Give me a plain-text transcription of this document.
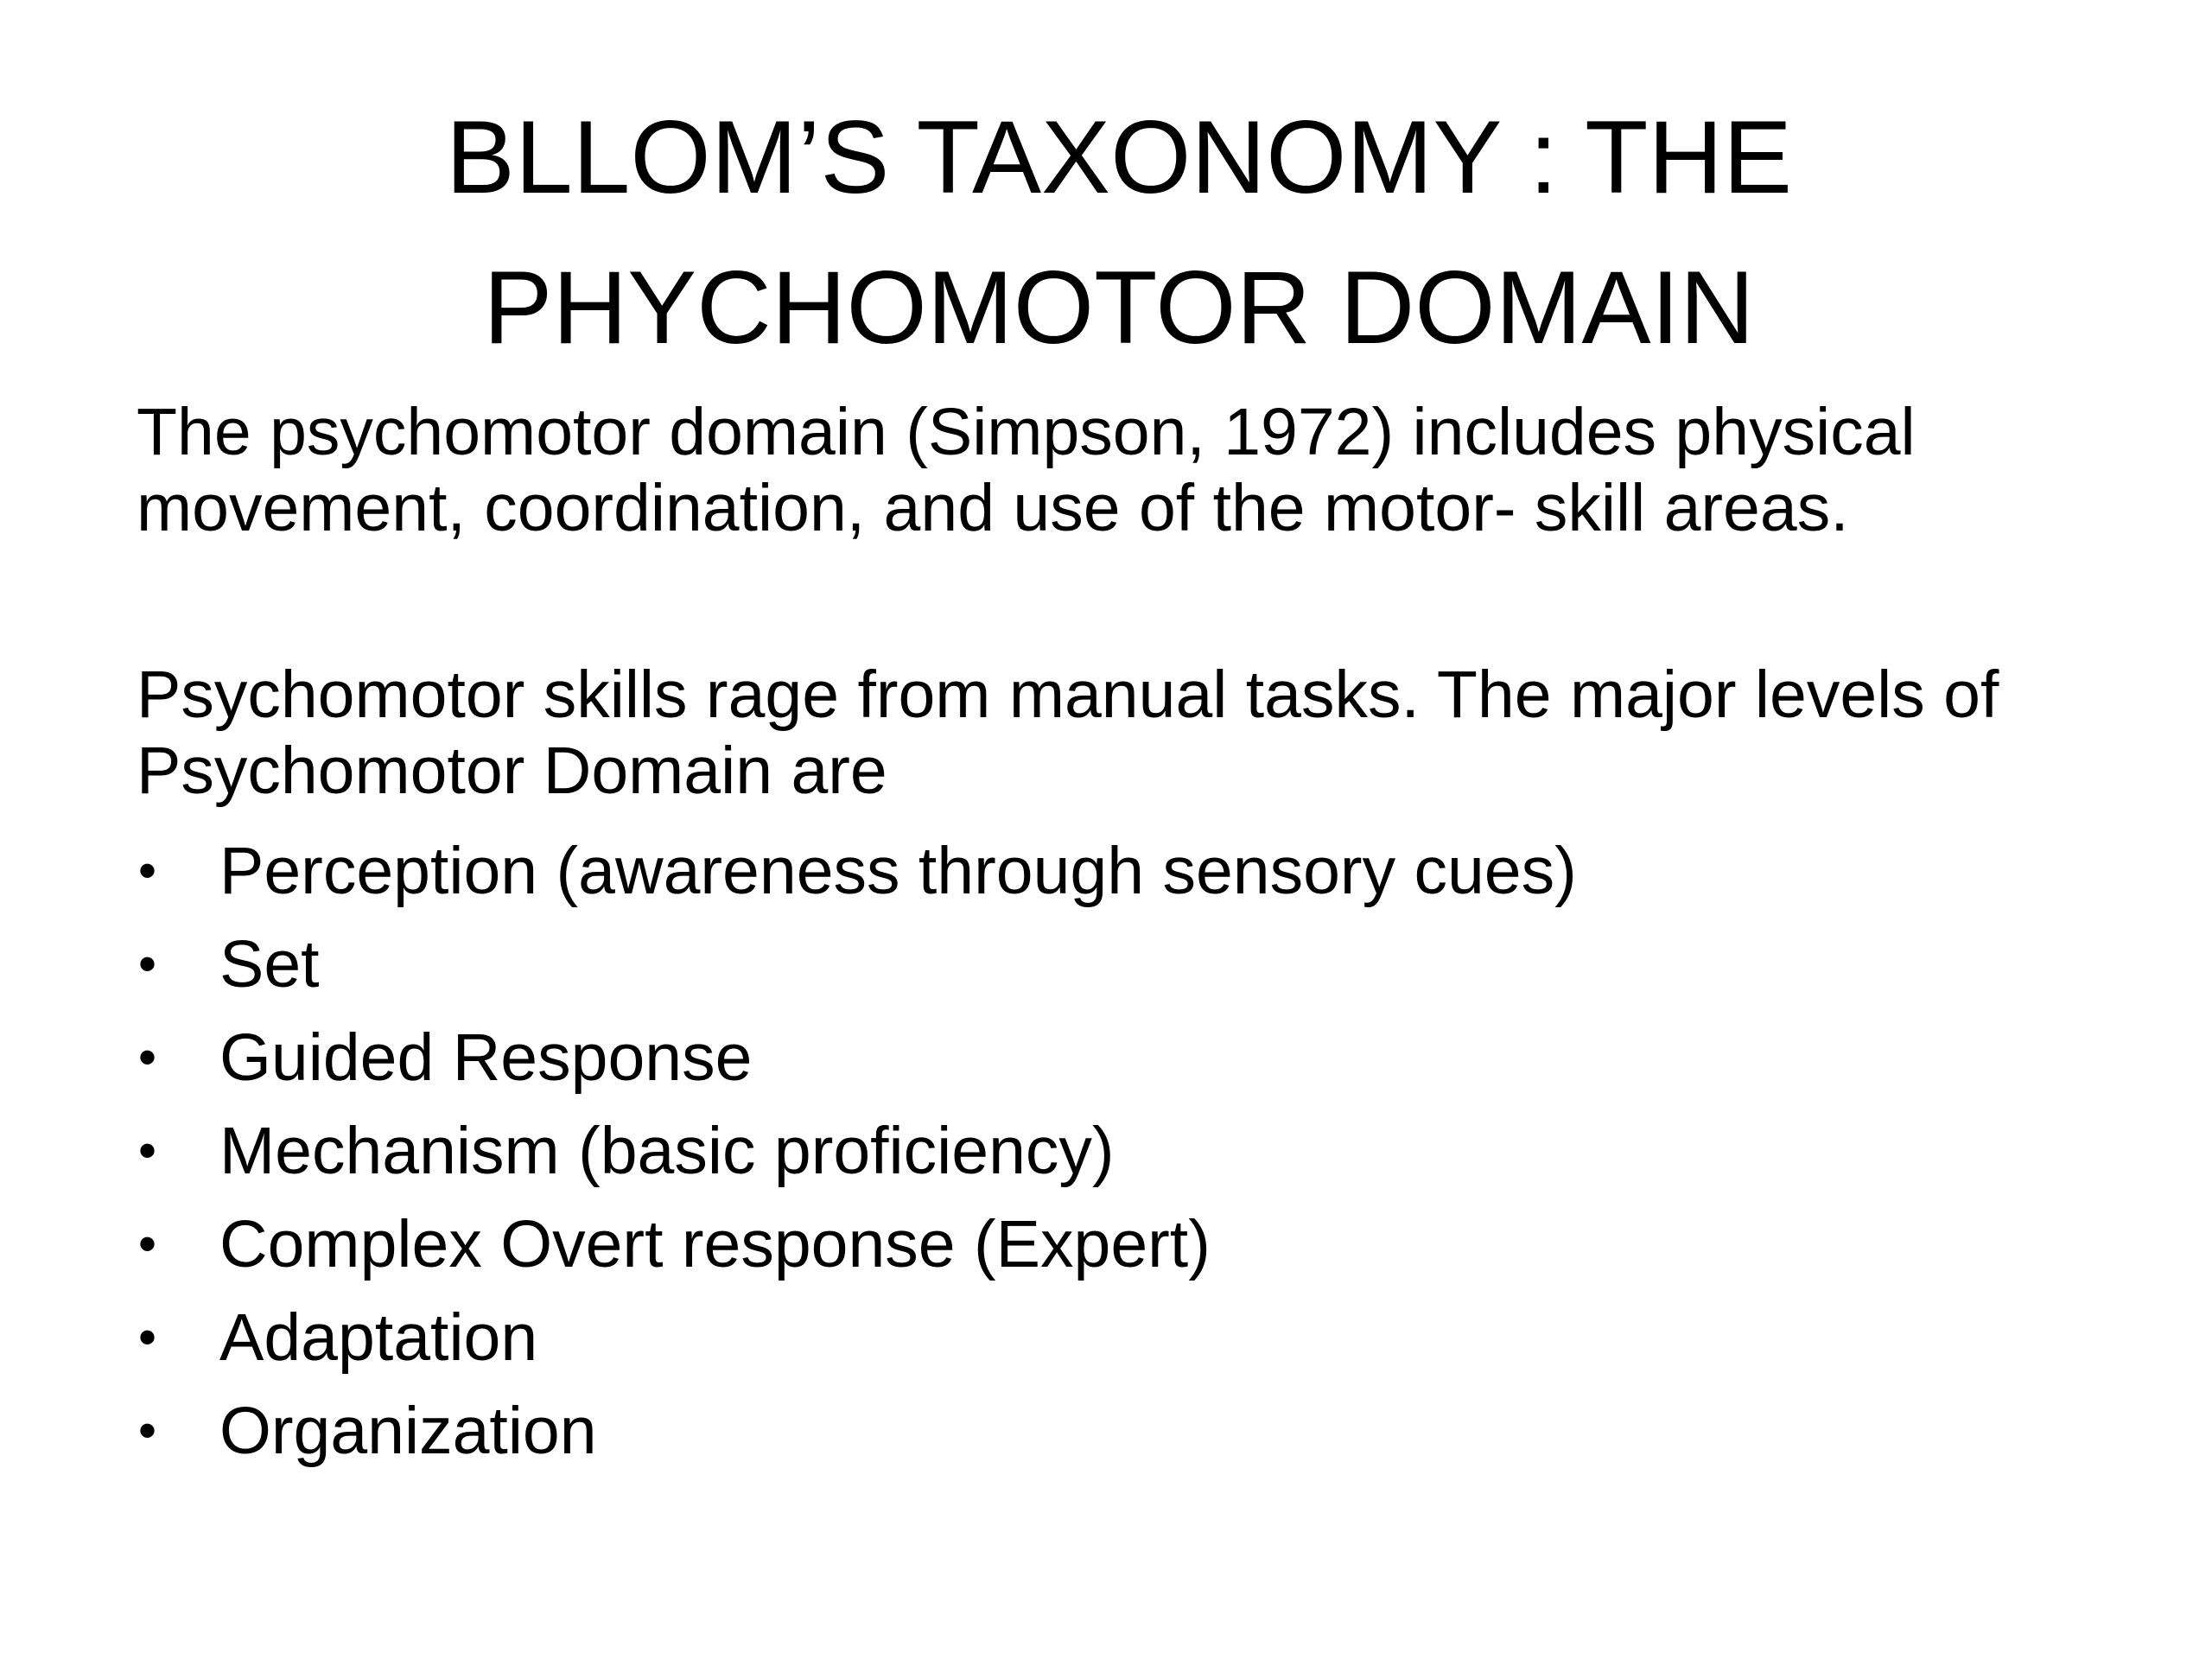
BLLOM’S TAXONOMY : THE
PHYCHOMOTOR DOMAIN

The psychomotor domain (Simpson, 1972) includes physical
movement, coordination, and use of the motor- skill areas.

Psychomotor skills rage from manual tasks. The major levels of
Psychomotor Domain are

• Perception (awareness through sensory cues)
• Set
• Guided Response
• Mechanism (basic proficiency)
• Complex Overt response (Expert)
• Adaptation
• Organization
